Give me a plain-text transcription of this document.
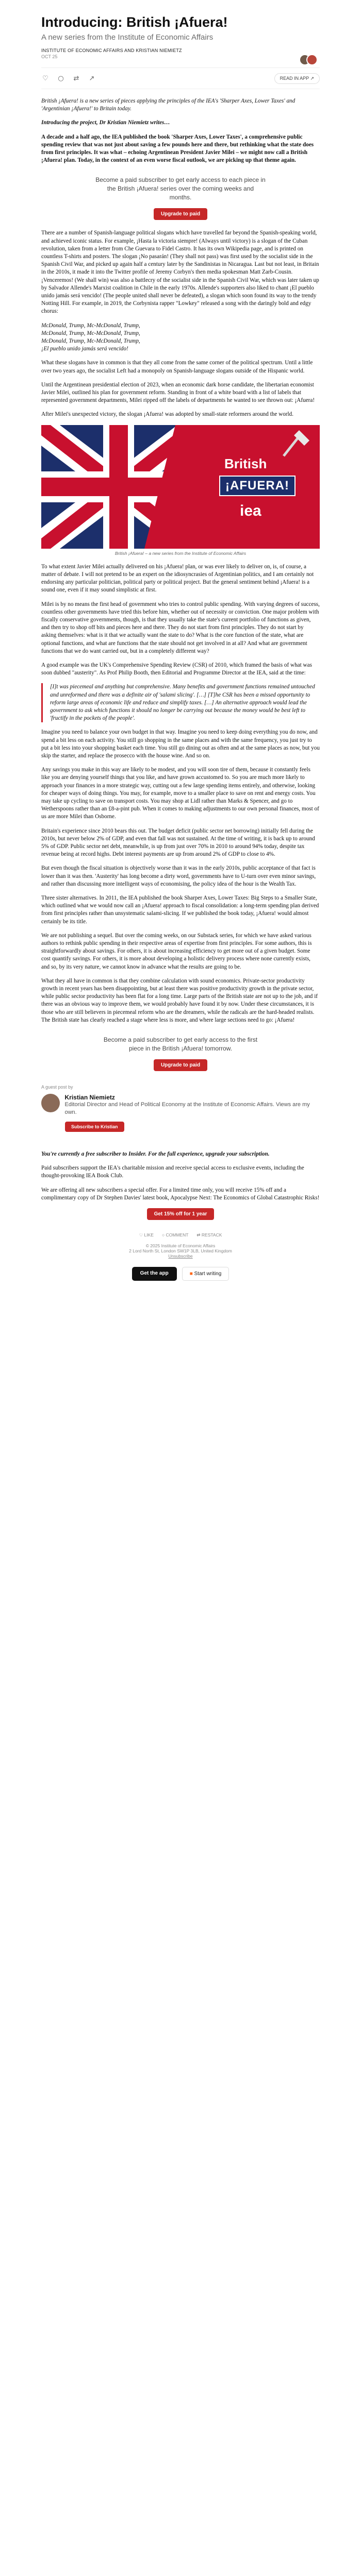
Introducing: British ¡Afuera!
A new series from the Institute of Economic Affairs
INSTITUTE OF ECONOMIC AFFAIRS AND KRISTIAN NIEMIETZ
OCT 25
♡ ○ ⇄ ↗	READ IN APP ↗

British ¡Afuera! is a new series of pieces applying the principles of the IEA's 'Sharper Axes, Lower Taxes' and 'Argentinian ¡Afuera!' to Britain today.

Introducing the project, Dr Kristian Niemietz writes…

A decade and a half ago, the IEA published the book 'Sharper Axes, Lower Taxes', a comprehensive public spending review that was not just about saving a few pounds here and there, but rethinking what the state does from first principles. It was what – echoing Argentinean President Javier Milei – we might now call a British ¡Afuera! plan. Today, in the context of an even worse fiscal outlook, we are picking up that theme again.

Become a paid subscriber to get early access to each piece in the British ¡Afuera! series over the coming weeks and months.
Upgrade to paid

There are a number of Spanish-language political slogans which have travelled far beyond the Spanish-speaking world, and achieved iconic status. For example, ¡Hasta la victoria siempre! (Always until victory) is a slogan of the Cuban revolution, taken from a letter from Che Guevara to Fidel Castro. It has its own Wikipedia page, and is printed on countless T-shirts and posters. The slogan ¡No pasarán! (They shall not pass) was first used by the socialist side in the Spanish Civil War, and picked up again half a century later by the Sandinistas in Nicaragua. Last but not least, in Britain in the 2010s, it made it into the Twitter profile of Jeremy Corbyn's then media spokesman Matt Zarb-Cousin. ¡Venceremos! (We shall win) was also a battlecry of the socialist side in the Spanish Civil War, which was later taken up by Salvador Allende's Marxist coalition in Chile in the early 1970s. Allende's supporters also liked to chant ¡El pueblo unido jamás será vencido! (The people united shall never be defeated), a slogan which soon found its way to the trendy Notting Hill. For example, in 2019, the Corbynista rapper "Lowkey" released a song with the daringly bold and edgy chorus:

McDonald, Trump, Mc-McDonald, Trump,

McDonald, Trump, Mc-McDonald, Trump,

McDonald, Trump, Mc-McDonald, Trump,

¡El pueblo unido jamás será vencido!

What these slogans have in common is that they all come from the same corner of the political spectrum. Until a little over two years ago, the socialist Left had a monopoly on Spanish-language slogans outside of the Hispanic world.

Until the Argentinean presidential election of 2023, when an economic dark horse candidate, the libertarian economist Javier Milei, outlined his plan for government reform. Standing in front of a white board with a list of labels that represented government departments, Milei ripped off the labels of departments he wanted to see thrown out: ¡Afuera!

After Milei's unexpected victory, the slogan ¡Afuera! was adopted by small-state reformers around the world.

British
¡AFUERA!
iea
British ¡Afuera! – a new series from the Institute of Economic Affairs

To what extent Javier Milei actually delivered on his ¡Afuera! plan, or was ever likely to deliver on, is, of course, a matter of debate. I will not pretend to be an expert on the idiosyncrasies of Argentinian politics, and I am certainly not endorsing any particular politician, political party or political project. But the general sentiment behind ¡Afuera! is a sound one, even if it may sound simplistic at first.

Milei is by no means the first head of government who tries to control public spending. With varying degrees of success, countless other governments have tried this before him, whether out of necessity or conviction. One major problem with fiscally conservative governments, though, is that they usually take the state's current portfolio of functions as given, and then try to shop off bits and pieces here and there. They do not start from first principles. They do not start by asking themselves: what is it that we actually want the state to do? What is the core function of the state, what are optional functions, and what are functions that the state should not get involved in at all? And what are government functions that we do want carried out, but in a completely different way?

A good example was the UK's Comprehensive Spending Review (CSR) of 2010, which framed the basis of what was soon dubbed "austerity". As Prof Philip Booth, then Editorial and Programme Director at the IEA, said at the time:

[I]t was piecemeal and anything but comprehensive. Many benefits and government functions remained untouched and unreformed and there was a definite air of 'salami slicing'. […] [T]he CSR has been a missed opportunity to reform large areas of economic life and reduce and simplify taxes. […] An alternative approach would lead the government to ask which functions it should no longer be carrying out because the money would be best left to 'fructify in the pockets of the people'.

Imagine you need to balance your own budget in that way. Imagine you need to keep doing everything you do now, and spend a bit less on each activity. You still go shopping in the same places and with the same frequency, you just try to put a bit less into your shopping basket each time. You still go dining out as often and at the same places as now, but you skip the starter, and replace the prosecco with the house wine. And so on.

Any savings you make in this way are likely to be modest, and you will soon tire of them, because it constantly feels like you are denying yourself things that you like, and have grown accustomed to. So you are much more likely to approach your finances in a more strategic way, cutting out a few large spending items entirely, and otherwise, looking for cheaper ways of doing things. You may, for example, move to a smaller place to save on rent and energy costs. You may take up cycling to save on transport costs. You may shop at Lidl rather than Marks & Spencer, and go to Wetherspoons rather than an £8-a-pint pub. When it comes to making adjustments to our own personal finances, most of us are more Milei than Osborne.

Britain's experience since 2010 bears this out. The budget deficit (public sector net borrowing) initially fell during the 2010s, but never below 2% of GDP, and even that fall was not sustained. At the time of writing, it is back up to around 5% of GDP. Public sector net debt, meanwhile, is up from just over 70% in 2010 to around 94% today, despite tax revenue being at record highs. Debt interest payments are up from around 2% of GDP to close to 4%.

But even though the fiscal situation is objectively worse than it was in the early 2010s, public acceptance of that fact is lower than it was then. 'Austerity' has long become a dirty word, governments have to U-turn over even minor savings, and rather than discussing more intelligent ways of economising, the policy idea of the hour is the Wealth Tax.

Three sister alternatives. In 2011, the IEA published the book Sharper Axes, Lower Taxes: Big Steps to a Smaller State, which outlined what we would now call an ¡Afuera! approach to fiscal consolidation: a long-term spending plan derived from first principles rather than unsystematic salami-slicing. If we published the book today, ¡Afuera! would almost certainly be its title.

We are not publishing a sequel. But over the coming weeks, on our Substack series, for which we have asked various authors to rethink public spending in their respective areas of expertise from first principles. For some authors, this is straightforwardly about savings. For others, it is about increasing efficiency to get more out of a given budget. Some cost quantify savings. For others, it is more about developing a holistic delivery process where none currently exists, and so, by its very nature, we cannot know in advance what the results are going to be.

What they all have in common is that they combine calculation with sound economics. Private-sector productivity growth in recent years has been disappointing, but at least there was positive productivity growth in the private sector, while public sector productivity has been flat for a long time. Large parts of the British state are not up to the job, and if there was an obvious way to improve them, we would probably have found it by now. Under these circumstances, it is those who are still believers in piecemeal reform who are the dreamers, while the radicals are the hard-headed realists. The British state has clearly reached a stage where less is more, and where large sections need to go: ¡Afuera!

Become a paid subscriber to get early access to the first piece in the British ¡Afuera! tomorrow.
Upgrade to paid
A guest post by
Kristian Niemietz
Editorial Director and Head of Political Economy at the Institute of Economic Affairs. Views are my own.
Subscribe to Kristian

You're currently a free subscriber to Insider. For the full experience, upgrade your subscription.

Paid subscribers support the IEA's charitable mission and receive special access to exclusive events, including the thought-provoking IEA Book Club.

We are offering all new subscribers a special offer. For a limited time only, you will receive 15% off and a complimentary copy of Dr Stephen Davies' latest book, Apocalypse Next: The Economics of Global Catastrophic Risks!

Get 15% off for 1 year
♡ LIKE ○ COMMENT ⇄ RESTACK
© 2025 Institute of Economic Affairs
2 Lord North St, London SW1P 3LB, United Kingdom
Unsubscribe
Get the app	■ Start writing
